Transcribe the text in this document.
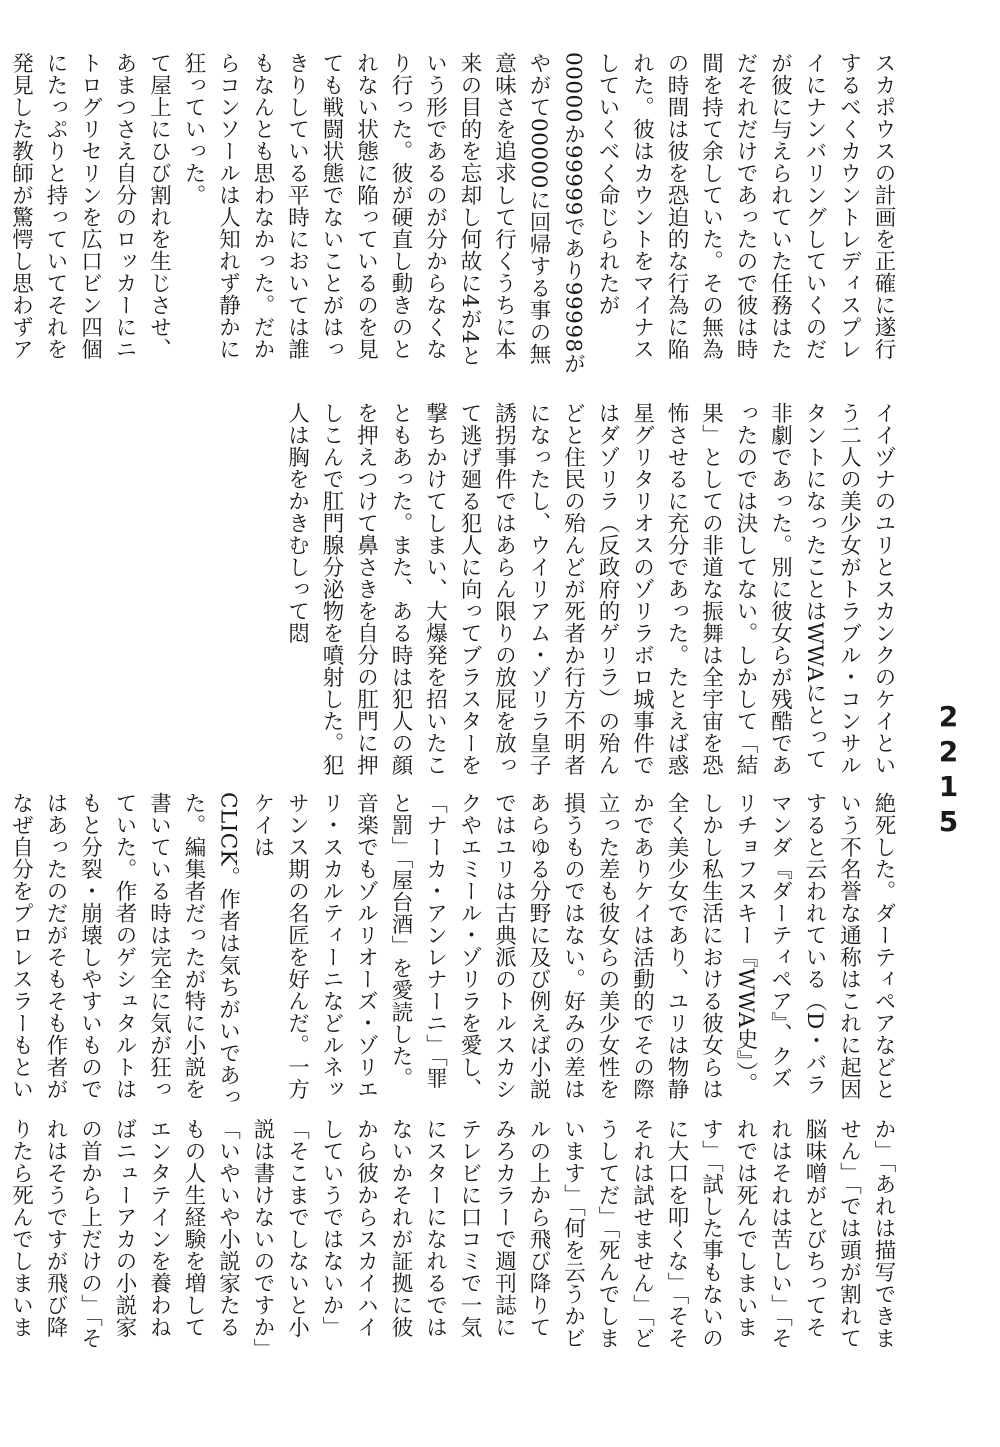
2215

スカポウスの計画を正確に遂行するべくカウントレディスプレイにナンバリングしていくのだが彼に与えられていた任務はただそれだけであったので彼は時間を持て余していた。その無為の時間は彼を恐迫的な行為に陥れた。彼はカウントをマイナスしていくべく命じられたが

00000か99999であり99998がやがて00000に回帰する事の無意味さを追求して行くうちに本来の目的を忘却し何故に4が4という形であるのが分からなくなり行った。彼が硬直し動きのとれない状態に陥っているのを見ても戦闘状態でないことがはっきりしている平時においては誰もなんとも思わなかった。だからコンソールは人知れず静かに狂っていった。

て屋上にひび割れを生じさせ、あまつさえ自分のロッカーにニトログリセリンを広口ビン四個にたっぷりと持っていてそれを発見した教師が驚愕し思わずア

イイヅナのユリとスカンクのケイという二人の美少女がトラブル・コンサルタントになったことはWWAにとって非劇であった。別に彼女らが残酷であったのでは決してない。しかして「結果」としての非道な振舞は全宇宙を恐怖させるに充分であった。たとえば惑星グリタリオスのゾリラボロ城事件ではダゾリラ（反政府的ゲリラ）の殆んどと住民の殆んどが死者か行方不明者になったし、ウイリアム・ゾリラ皇子誘拐事件ではあらん限りの放屁を放って逃げ廻る犯人に向ってブラスターを撃ちかけてしまい、大爆発を招いたこともあった。また、ある時は犯人の顔を押えつけて鼻さきを自分の肛門に押しこんで肛門腺分泌物を噴射した。犯人は胸をかきむしって悶

絶死した。ダーティペアなどという不名誉な通称はこれに起因すると云われている（D・バラマンダ『ダーティペア』、クズリチョフスキー『WWA史』）。しかし私生活における彼女らは全く美少女であり、ユリは物静かでありケイは活動的でその際立った差も彼女らの美少女性を損うものではない。好みの差はあらゆる分野に及び例えば小説ではユリは古典派のトルスカシクやエミール・ゾリラを愛し、「ナーカ・アンレナーニ」「罪と罰」「屋台酒」を愛読した。音楽でもゾルリオーズ・ゾリエリ・スカルティーニなどルネッサンス期の名匠を好んだ。一方ケイは

CLICK。作者は気ちがいであった。編集者だったが特に小説を書いている時は完全に気が狂っていた。作者のゲシュタルトはもと分裂・崩壊しやすいものではあったのだがそもそも作者がなぜ自分をプロレスラーもとい

か」「あれは描写できません」「では頭が割れて脳味噌がとびちってそれはそれは苦しい」「それでは死んでしまいます」「試した事もないのに大口を叩くな」「そそそれは試せません」「どうしてだ」「死んでしまいます」「何を云うかビルの上から飛び降りてみろカラーで週刊誌にテレビに口コミで一気にスターになれるではないかそれが証拠に彼から彼からスカイハイしていうではないか」「そこまでしないと小説は書けないのですか」「いやいや小説家たるもの人生経験を増してエンタテインを養わねばニューアカの小説家の首から上だけの」「それはそうですが飛び降りたら死んでしまいま
